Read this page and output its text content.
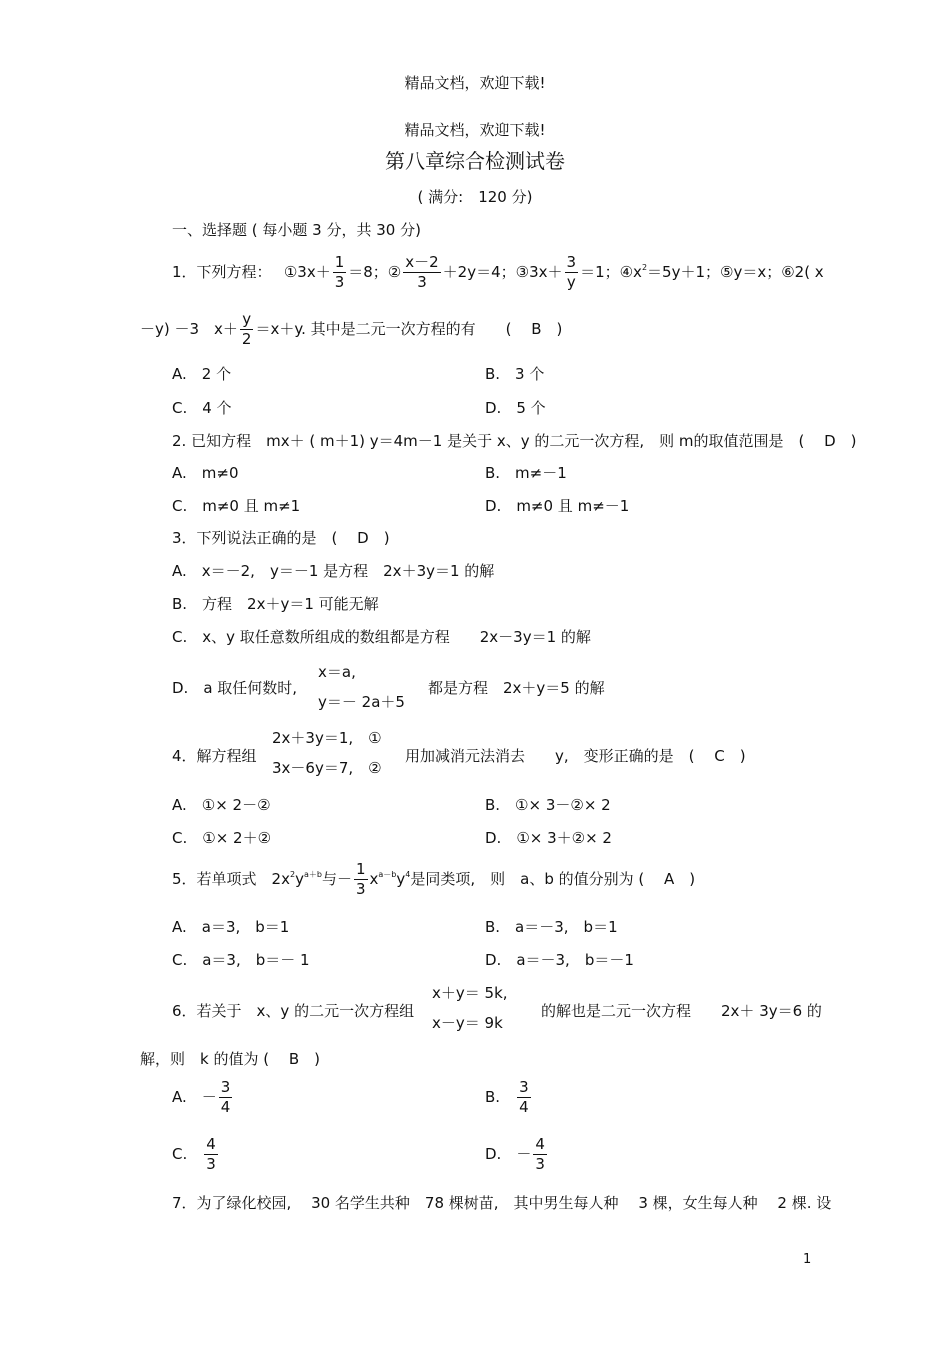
精品文档，欢迎下载!
精品文档，欢迎下载!
第八章综合检测试卷
( 满分:　120 分)
一、选择题 ( 每小题 3 分，共 30 分)
1．下列方程：　 ①3x＋ $\frac{1}{3} =8$；② $\frac{x-2}{3} +2y=4$；③3x＋ $\frac{3}{y} =1$；$④x^2=5y+1$；⑤y＝x；⑥2( x
－y) －3　$x+ \frac{y}{2} =x+y$. 其中是二元一次方程的有　　 (　 B　)
A.　2 个	B.　3 个
C.　4 个	D.　5 个
2. 已知方程　mx＋ ( m＋1) y＝4m－1 是关于 x、y 的二元一次方程,　则 m的取值范围是　(　 D　)
A.　m≠0	B.　m≠－1
C.　m≠0 且 m≠1	D.　m≠0 且 m≠－1
3．下列说法正确的是　(　 D　)
A.　x＝－2,　y＝－1 是方程　2x＋3y＝1 的解
B.　方程　2x＋y＝1 可能无解
C.　x、y 取任意数所组成的数组都是方程　　2x－3y＝1 的解
D.　a 取任何数时,
x＝a,
y＝－ 2a＋5
都是方程　2x＋y＝5 的解
4．解方程组
2x＋3y＝1,　①
3x－6y＝7,　②
用加减消元法消去　　y,　变形正确的是　(　 C　)
A.　①× 2－②	B.　①× 3－②× 2
C.　①× 2＋②	D.　①× 3＋②× 2
5．若单项式　$2x^2y^{a+b}$与－ $\frac{1}{3} x^{a-b}y^4$是同类项,　则　a、b 的值分别为 (　 A　)
A.　a＝3,　b＝1	B.　a＝－3,　b＝1
C.　a＝3,　b＝－ 1	D.　a＝－3,　b＝－1
6．若关于　x、y 的二元一次方程组
x＋y＝ 5k,
x－y＝ 9k
的解也是二元一次方程　　2x＋ 3y＝6 的
解，则　k 的值为 (　 B　)
A.　 － $\frac{3}{4}$	B.　 $\frac{3}{4}$
C.　 $\frac{4}{3}$	D.　 － $\frac{4}{3}$
7．为了绿化校园,　 30 名学生共种　78 棵树苗,　其中男生每人种　 3 棵，女生每人种　 2 棵. 设
1
